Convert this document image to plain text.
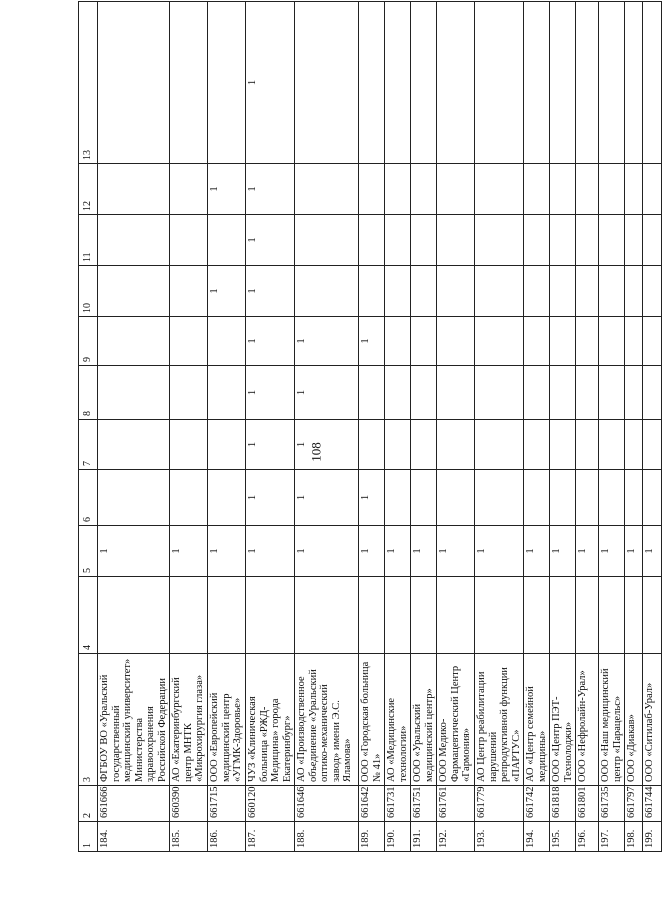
108
1	2	3	4	5	6	7	8	9	10	11	12	13
184.	661666	ФГБОУ ВО «Уральский государственный медицинский университет» Министерства здравоохранения Российской Федерации		1								
185.	660390	АО «Екатеринбургский центр МНТК «Микрохирургия глаза»		1								
186.	661715	ООО «Европейский медицинский центр «УГМК-Здоровье»		1					1		1	
187.	660120	ЧУЗ «Клиническая больница «РЖД-Медицина» города Екатеринбург»		1	1	1	1	1	1	1	1	1
188.	661646	АО «Производственное объединение «Уральский оптико-механический завод» имени Э.С. Яламова»		1	1	1	1	1				
189.	661642	ООО «Городская больница № 41»		1	1			1				
190.	661731	АО «Медицинские технологии»		1								
191.	661751	ООО «Уральский медицинский центр»		1								
192.	661761	ООО Медико-Фармацевтический Центр «Гармония»		1								
193.	661779	АО Центр реабилитации нарушений репродуктивной функции «ПАРТУС»		1								
194.	661742	АО «Центр семейной медицины»		1								
195.	661818	ООО «Центр ПЭТ-Технолоджи»		1								
196.	661801	ООО «Нефролайн-Урал»		1								
197.	661735	ООО «Наш медицинский центр «Парацельс»		1								
198.	661797	ООО «Диакав»		1								
199.	661744	ООО «Ситилаб-Урал»		1								
